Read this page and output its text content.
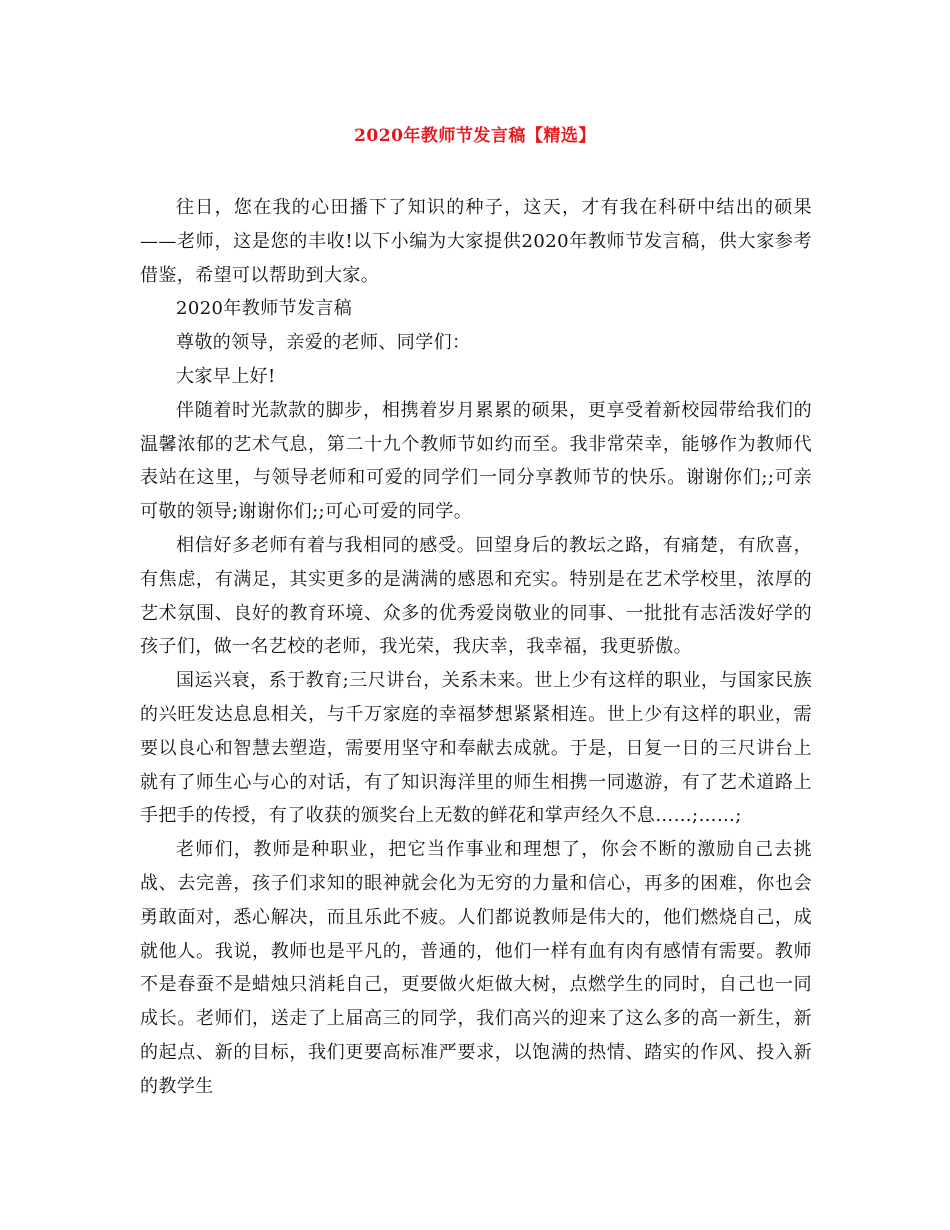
2020年教师节发言稿【精选】

往日，您在我的心田播下了知识的种子，这天，才有我在科研中结出的硕果——老师，这是您的丰收!以下小编为大家提供2020年教师节发言稿，供大家参考借鉴，希望可以帮助到大家。

2020年教师节发言稿

尊敬的领导，亲爱的老师、同学们：

大家早上好!

伴随着时光款款的脚步，相携着岁月累累的硕果，更享受着新校园带给我们的温馨浓郁的艺术气息，第二十九个教师节如约而至。我非常荣幸，能够作为教师代表站在这里，与领导老师和可爱的同学们一同分享教师节的快乐。谢谢你们;;可亲可敬的领导;谢谢你们;;可心可爱的同学。

相信好多老师有着与我相同的感受。回望身后的教坛之路，有痛楚，有欣喜，有焦虑，有满足，其实更多的是满满的感恩和充实。特别是在艺术学校里，浓厚的艺术氛围、良好的教育环境、众多的优秀爱岗敬业的同事、一批批有志活泼好学的孩子们，做一名艺校的老师，我光荣，我庆幸，我幸福，我更骄傲。

国运兴衰，系于教育;三尺讲台，关系未来。世上少有这样的职业，与国家民族的兴旺发达息息相关，与千万家庭的幸福梦想紧紧相连。世上少有这样的职业，需要以良心和智慧去塑造，需要用坚守和奉献去成就。于是，日复一日的三尺讲台上就有了师生心与心的对话，有了知识海洋里的师生相携一同遨游，有了艺术道路上手把手的传授，有了收获的颁奖台上无数的鲜花和掌声经久不息……;……;

老师们，教师是种职业，把它当作事业和理想了，你会不断的激励自己去挑战、去完善，孩子们求知的眼神就会化为无穷的力量和信心，再多的困难，你也会勇敢面对，悉心解决，而且乐此不疲。人们都说教师是伟大的，他们燃烧自己，成就他人。我说，教师也是平凡的，普通的，他们一样有血有肉有感情有需要。教师不是春蚕不是蜡烛只消耗自己，更要做火炬做大树，点燃学生的同时，自己也一同成长。老师们，送走了上届高三的同学，我们高兴的迎来了这么多的高一新生，新的起点、新的目标，我们更要高标准严要求，以饱满的热情、踏实的作风、投入新的教学生
